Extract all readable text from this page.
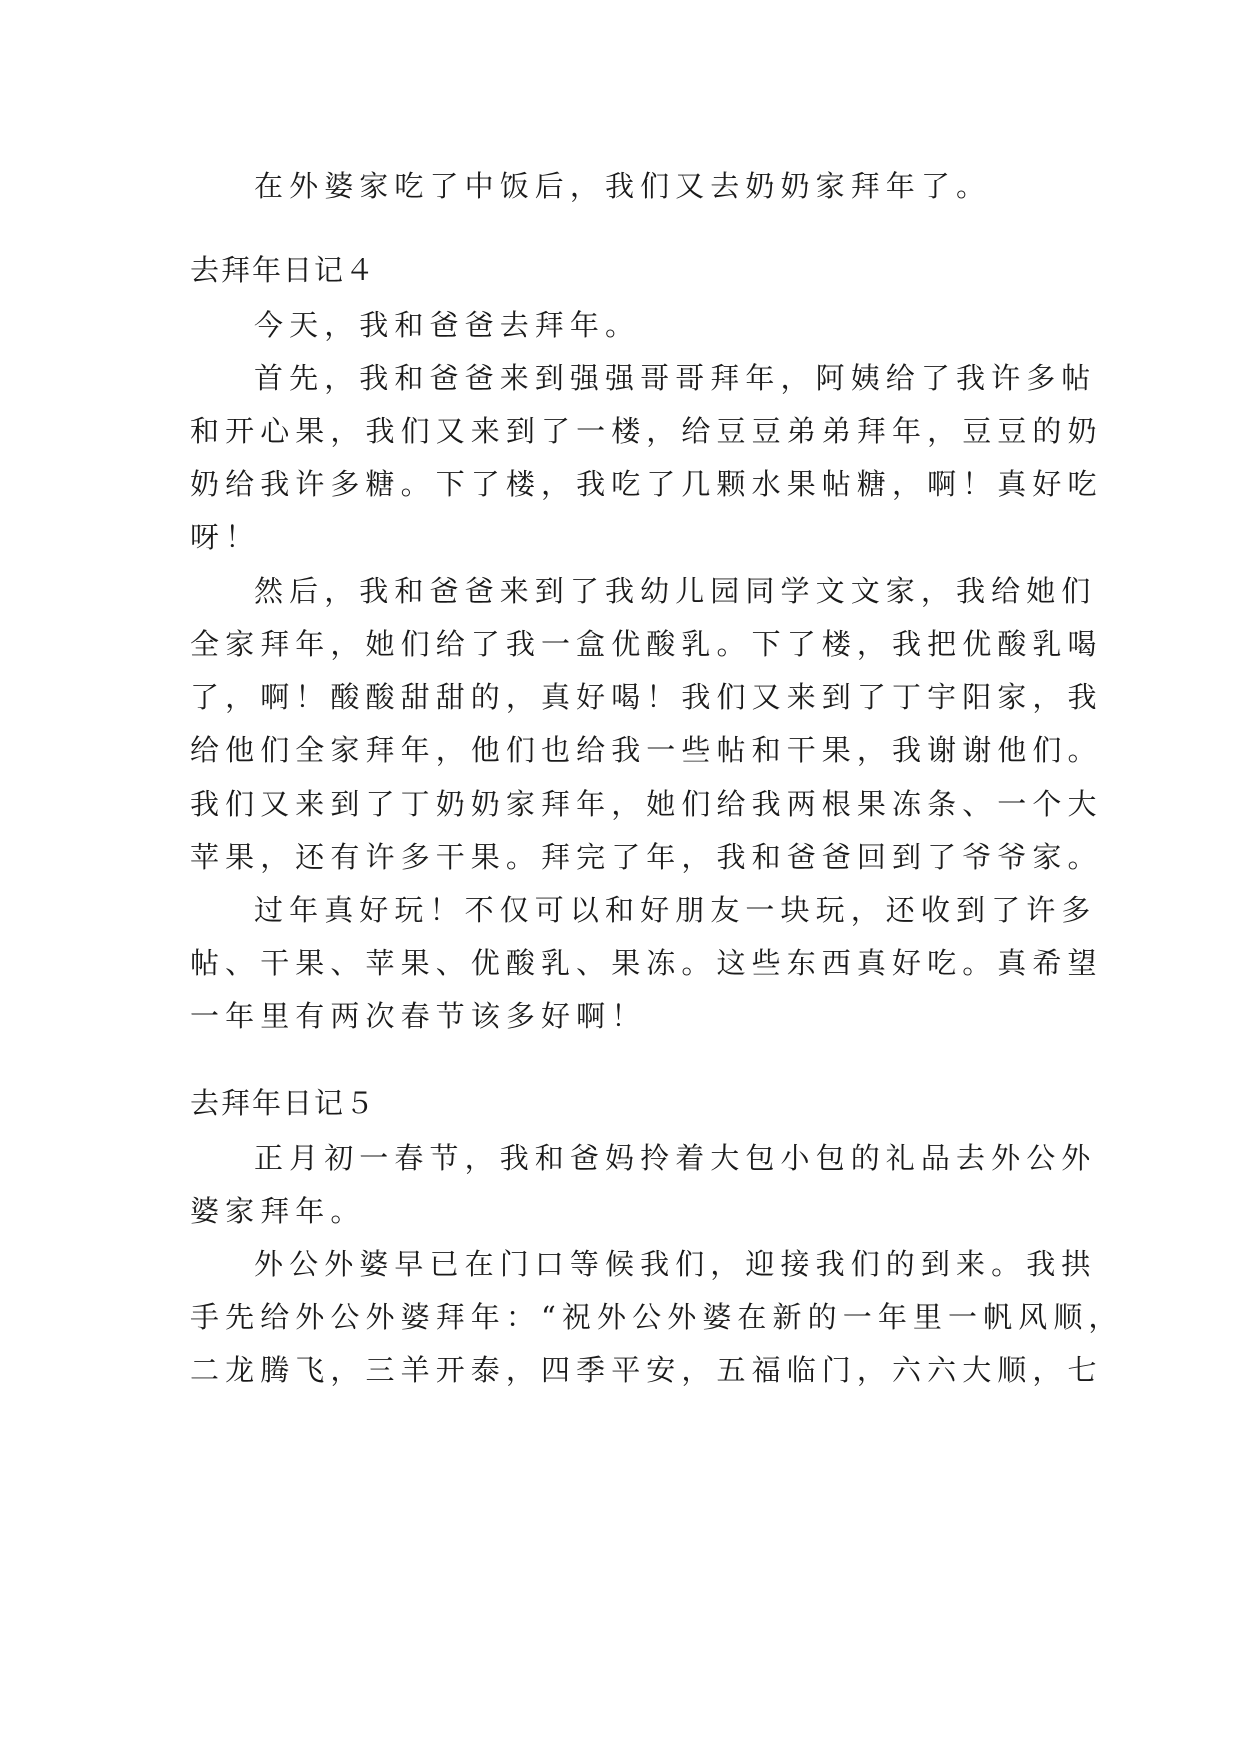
在外婆家吃了中饭后，我们又去奶奶家拜年了。
去拜年日记４
今天，我和爸爸去拜年。
首先，我和爸爸来到强强哥哥拜年，阿姨给了我许多帖
和开心果，我们又来到了一楼，给豆豆弟弟拜年，豆豆的奶
奶给我许多糖。下了楼，我吃了几颗水果帖糖，啊！真好吃
呀！
然后，我和爸爸来到了我幼儿园同学文文家，我给她们
全家拜年，她们给了我一盒优酸乳。下了楼，我把优酸乳喝
了，啊！酸酸甜甜的，真好喝！我们又来到了丁宇阳家，我
给他们全家拜年，他们也给我一些帖和干果，我谢谢他们。
我们又来到了丁奶奶家拜年，她们给我两根果冻条、一个大
苹果，还有许多干果。拜完了年，我和爸爸回到了爷爷家。
过年真好玩！不仅可以和好朋友一块玩，还收到了许多
帖、干果、苹果、优酸乳、果冻。这些东西真好吃。真希望
一年里有两次春节该多好啊！
去拜年日记５
正月初一春节，我和爸妈拎着大包小包的礼品去外公外
婆家拜年。
外公外婆早已在门口等候我们，迎接我们的到来。我拱
手先给外公外婆拜年：“祝外公外婆在新的一年里一帆风顺，
二龙腾飞，三羊开泰，四季平安，五福临门，六六大顺，七
